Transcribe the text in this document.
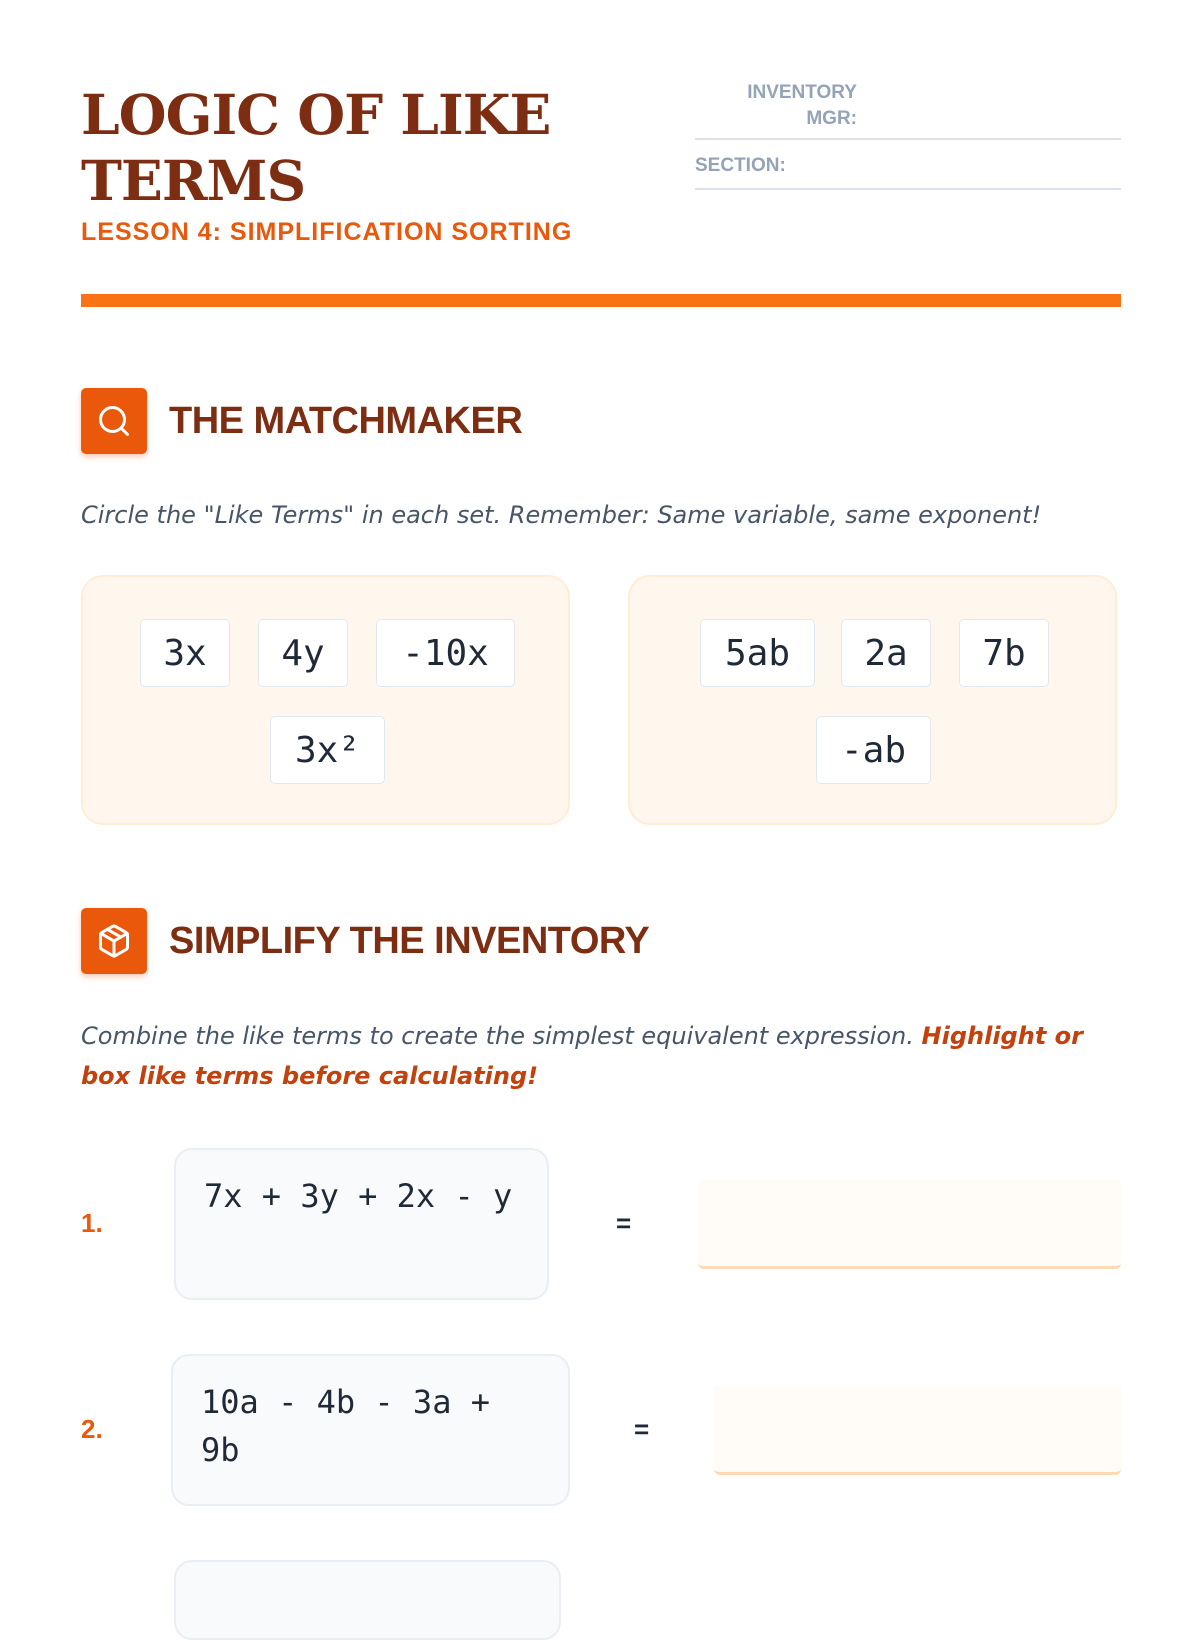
LOGIC OF LIKE
TERMS
LESSON 4: SIMPLIFICATION SORTING
INVENTORY
MGR:
SECTION:
THE MATCHMAKER

Circle the "Like Terms" in each set. Remember: Same variable, same exponent!

3x	4y	-10x
3x²
5ab	2a	7b
-ab
SIMPLIFY THE INVENTORY

Combine the like terms to create the simplest equivalent expression. Highlight or box like terms before calculating!

1.
7x + 3y + 2x - y
=
2.
10a - 4b - 3a + 9b
=
